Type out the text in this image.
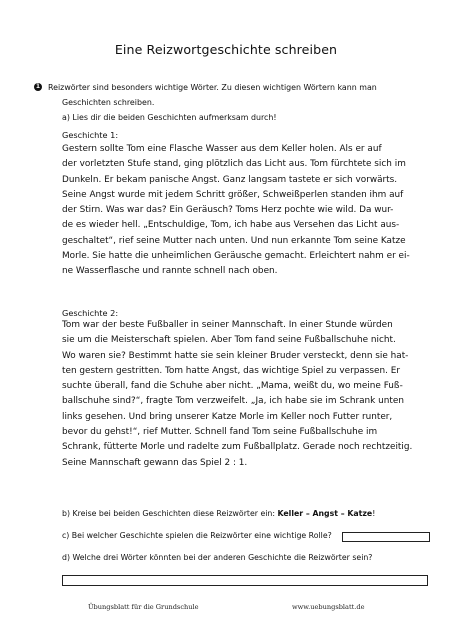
Eine Reizwortgeschichte schreiben
1 Reizwörter sind besonders wichtige Wörter. Zu diesen wichtigen Wörtern kann man
Geschichten schreiben.
a) Lies dir die beiden Geschichten aufmerksam durch!
Geschichte 1:
Gestern sollte Tom eine Flasche Wasser aus dem Keller holen. Als er auf
der vorletzten Stufe stand, ging plötzlich das Licht aus. Tom fürchtete sich im
Dunkeln. Er bekam panische Angst. Ganz langsam tastete er sich vorwärts.
Seine Angst wurde mit jedem Schritt größer, Schweißperlen standen ihm auf
der Stirn. Was war das? Ein Geräusch? Toms Herz pochte wie wild. Da wur-
de es wieder hell. „Entschuldige, Tom, ich habe aus Versehen das Licht aus-
geschaltet“, rief seine Mutter nach unten. Und nun erkannte Tom seine Katze
Morle. Sie hatte die unheimlichen Geräusche gemacht. Erleichtert nahm er ei-
ne Wasserflasche und rannte schnell nach oben.
Geschichte 2:
Tom war der beste Fußballer in seiner Mannschaft. In einer Stunde würden
sie um die Meisterschaft spielen. Aber Tom fand seine Fußballschuhe nicht.
Wo waren sie? Bestimmt hatte sie sein kleiner Bruder versteckt, denn sie hat-
ten gestern gestritten. Tom hatte Angst, das wichtige Spiel zu verpassen. Er
suchte überall, fand die Schuhe aber nicht. „Mama, weißt du, wo meine Fuß-
ballschuhe sind?“, fragte Tom verzweifelt. „Ja, ich habe sie im Schrank unten
links gesehen. Und bring unserer Katze Morle im Keller noch Futter runter,
bevor du gehst!“, rief Mutter. Schnell fand Tom seine Fußballschuhe im
Schrank, fütterte Morle und radelte zum Fußballplatz. Gerade noch rechtzeitig.
Seine Mannschaft gewann das Spiel 2 : 1.
b) Kreise bei beiden Geschichten diese Reizwörter ein: Keller – Angst – Katze!
c) Bei welcher Geschichte spielen die Reizwörter eine wichtige Rolle?
d) Welche drei Wörter könnten bei der anderen Geschichte die Reizwörter sein?
Übungsblatt für die Grundschule	www.uebungsblatt.de
